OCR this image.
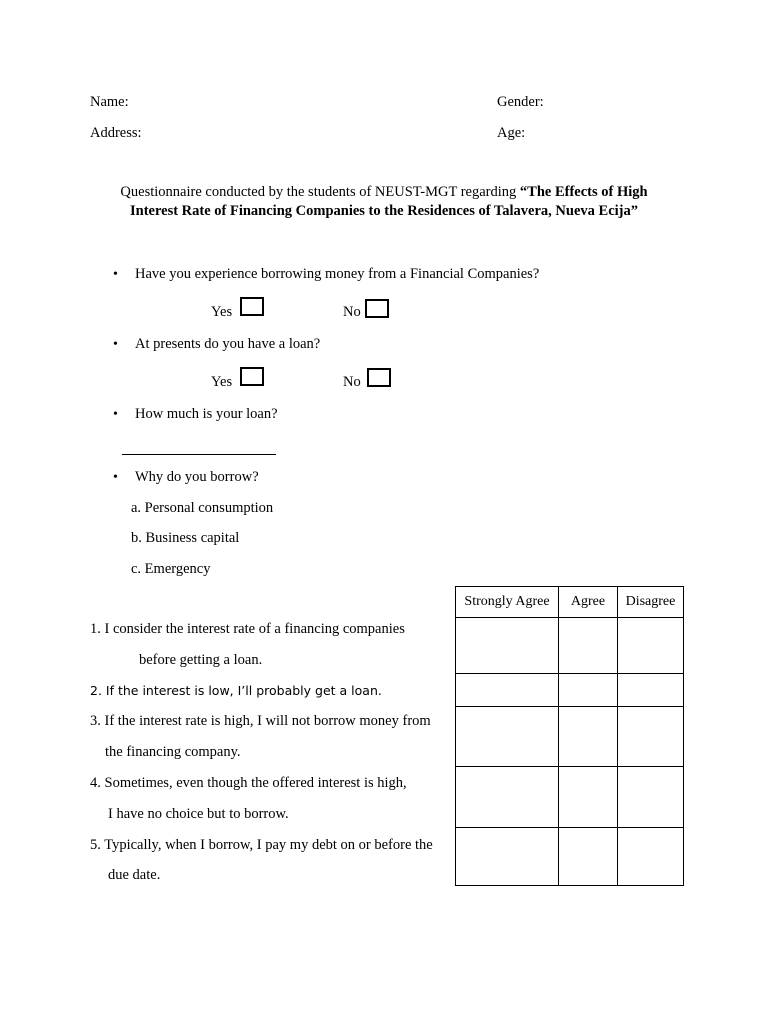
Name:	Gender:
Address:	Age:
Questionnaire conducted by the students of NEUST-MGT regarding “The Effects of High
Interest Rate of Financing Companies to the Residences of Talavera, Nueva Ecija”
• Have you experience borrowing money from a Financial Companies?
Yes	No
• At presents do you have a loan?
Yes	No
• How much is your loan?
• Why do you borrow?
a. Personal consumption
b. Business capital
c. Emergency
1. I consider the interest rate of a financing companies
before getting a loan.
2. If the interest is low, I’ll probably get a loan.
3. If the interest rate is high, I will not borrow money from
the financing company.
4. Sometimes, even though the offered interest is high,
I have no choice but to borrow.
5. Typically, when I borrow, I pay my debt on or before the
due date.
Strongly Agree	Agree	Disagree
